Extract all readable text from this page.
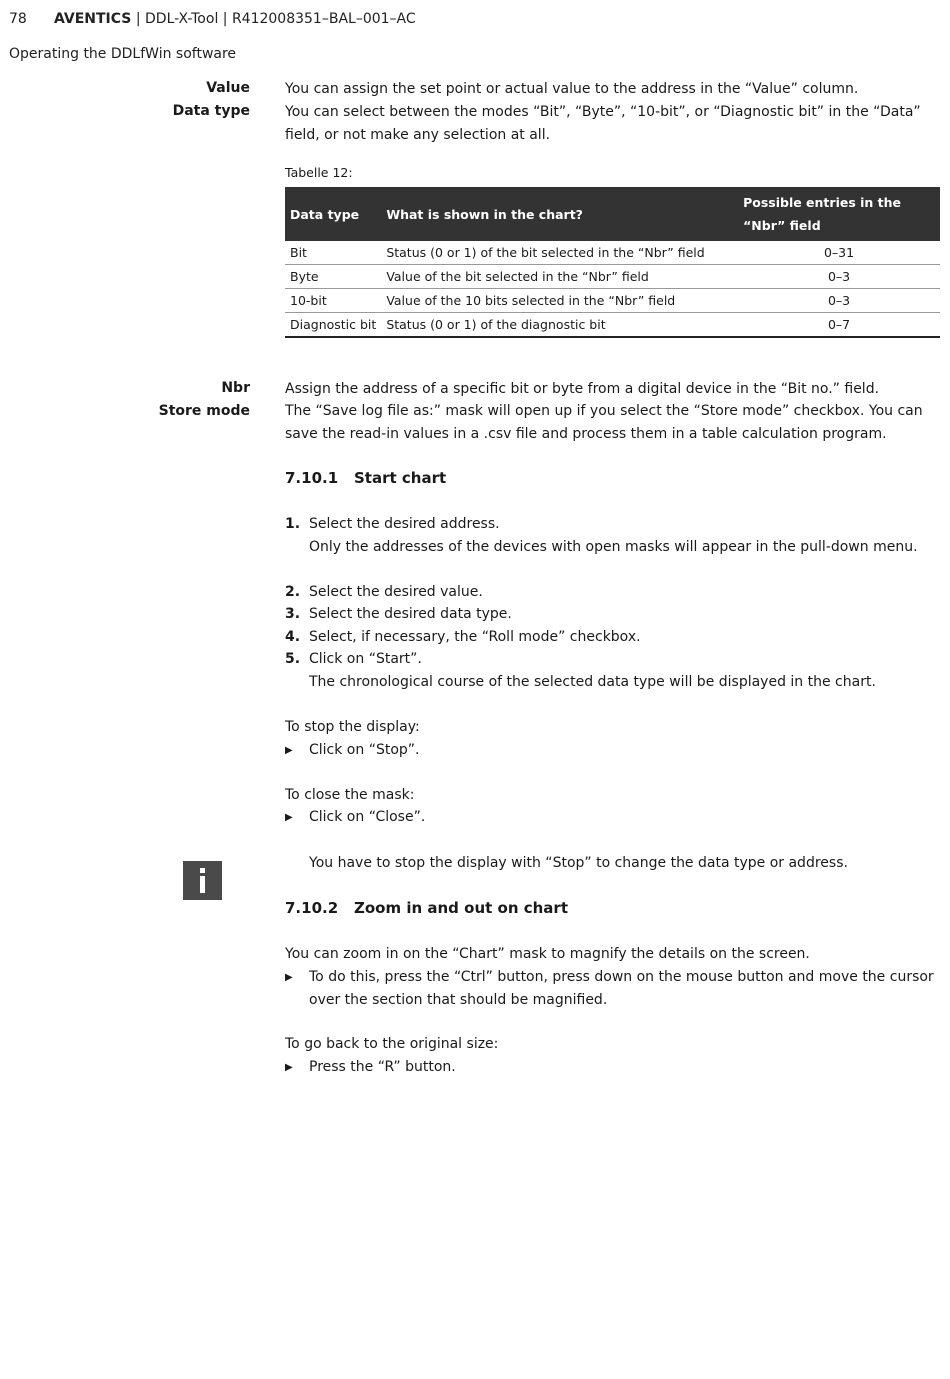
78 AVENTICS | DDL-X-Tool | R412008351–BAL–001–AC
Operating the DDLfWin software
Value	You can assign the set point or actual value to the address in the “Value” column.
Data type	You can select between the modes “Bit”, “Byte”, “10-bit”, or “Diagnostic bit” in the “Data” field, or not make any selection at all.
Tabelle 12:
Data type	What is shown in the chart?	Possible entries in the “Nbr” field
Bit	Status (0 or 1) of the bit selected in the “Nbr” field	0–31
Byte	Value of the bit selected in the “Nbr” field	0–3
10-bit	Value of the 10 bits selected in the “Nbr” field	0–3
Diagnostic bit	Status (0 or 1) of the diagnostic bit	0–7
Nbr	Assign the address of a specific bit or byte from a digital device in the “Bit no.” field.
Store mode	The “Save log file as:” mask will open up if you select the “Store mode” checkbox. You can save the read-in values in a .csv file and process them in a table calculation program.
7.10.1 Start chart
1. Select the desired address.
Only the addresses of the devices with open masks will appear in the pull-down menu.
2. Select the desired value.
3. Select the desired data type.
4. Select, if necessary, the “Roll mode” checkbox.
5. Click on “Start”.
The chronological course of the selected data type will be displayed in the chart.
To stop the display:
▶ Click on “Stop”.
To close the mask:
▶ Click on “Close”.
You have to stop the display with “Stop” to change the data type or address.
7.10.2 Zoom in and out on chart
You can zoom in on the “Chart” mask to magnify the details on the screen.
▶ To do this, press the “Ctrl” button, press down on the mouse button and move the cursor over the section that should be magnified.
To go back to the original size:
▶ Press the “R” button.
